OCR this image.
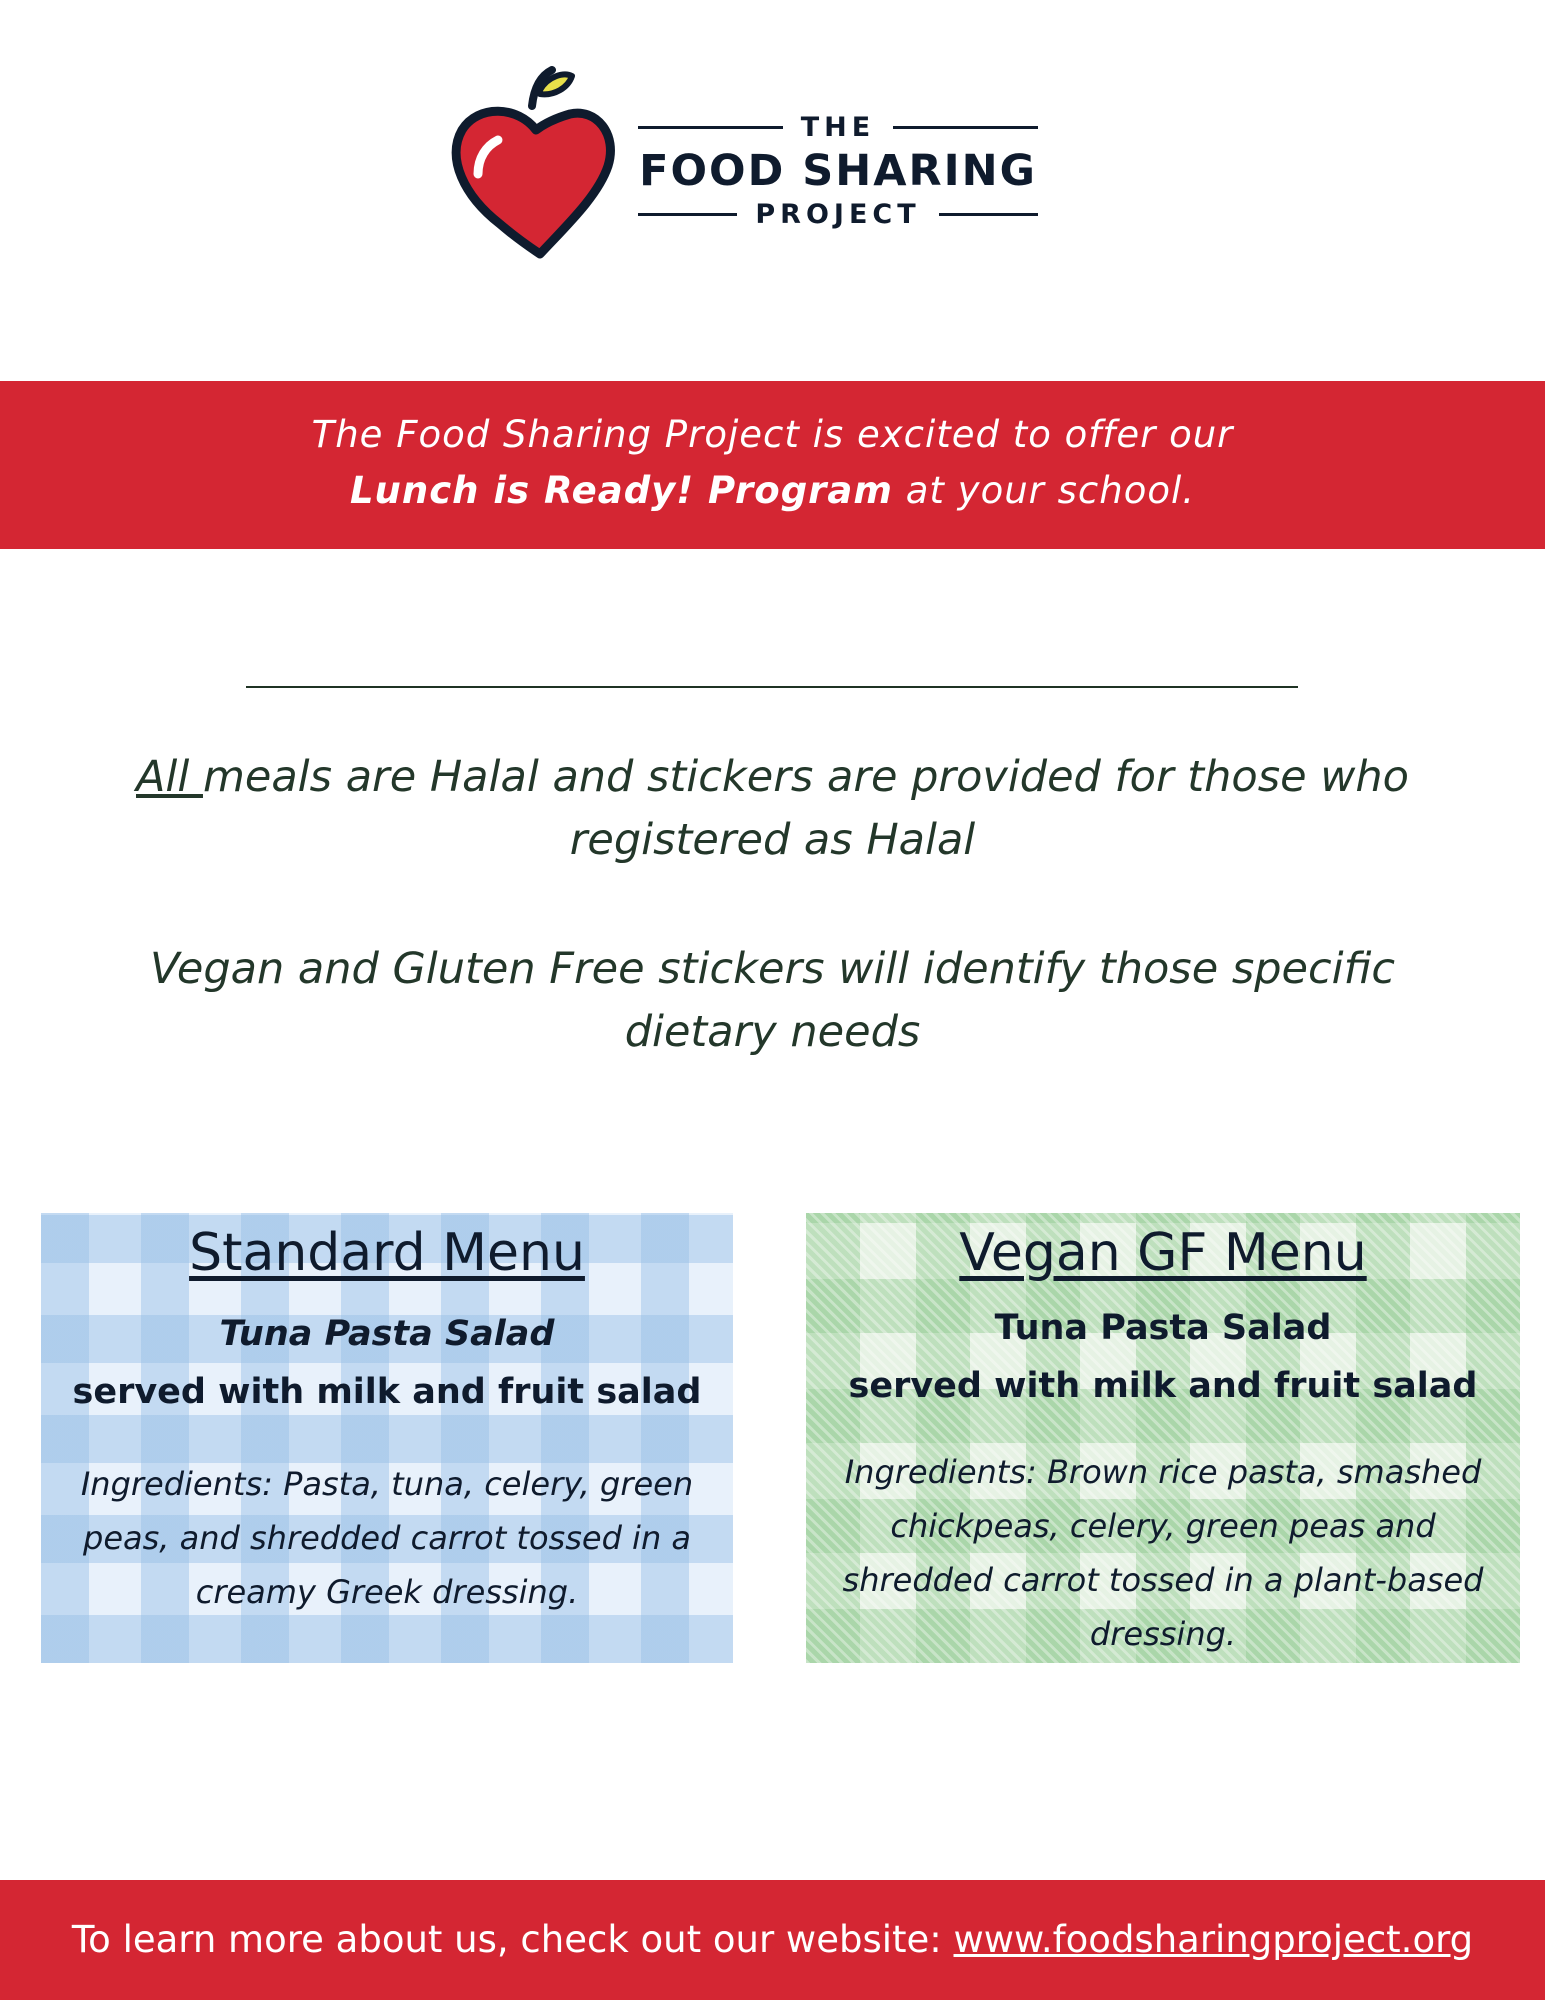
THE
FOOD SHARING
PROJECT
The Food Sharing Project is excited to offer our
Lunch is Ready! Program at your school.
All meals are Halal and stickers are provided for those who registered as Halal
Vegan and Gluten Free stickers will identify those specific dietary needs
Standard Menu
Tuna Pasta Salad
served with milk and fruit salad
Ingredients: Pasta, tuna, celery, green peas, and shredded carrot tossed in a creamy Greek dressing.
Vegan GF Menu
Tuna Pasta Salad
served with milk and fruit salad
Ingredients: Brown rice pasta, smashed chickpeas, celery, green peas and shredded carrot tossed in a plant-based dressing.
To learn more about us, check out our website: www.foodsharingproject.org
